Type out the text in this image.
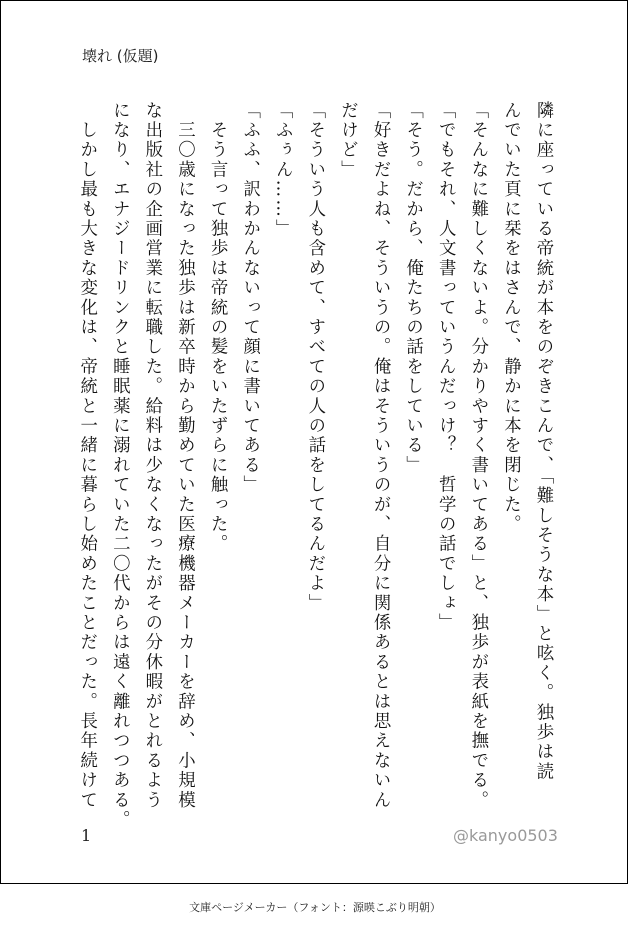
壊れ (仮題)

隣に座っている帝統が本をのぞきこんで、「難しそうな本」と呟く。独歩は読

んでいた頁に栞をはさんで、静かに本を閉じた。

「そんなに難しくないよ。分かりやすく書いてある」と、独歩が表紙を撫でる。

「でもそれ、人文書っていうんだっけ？　哲学の話でしょ」

「そう。だから、俺たちの話をしている」

「好きだよね、そういうの。俺はそういうのが、自分に関係あるとは思えないん

だけど」

「そういう人も含めて、すべての人の話をしてるんだよ」

「ふぅん……」

「ふふ、訳わかんないって顔に書いてある」

　そう言って独歩は帝統の髪をいたずらに触った。

　三〇歳になった独歩は新卒時から勤めていた医療機器メーカーを辞め、小規模

な出版社の企画営業に転職した。給料は少なくなったがその分休暇がとれるよう

になり、エナジードリンクと睡眠薬に溺れていた二〇代からは遠く離れつつある。

　しかし最も大きな変化は、帝統と一緒に暮らし始めたことだった。長年続けて

1	@kanyo0503
文庫ページメーカー（フォント：源暎こぶり明朝）
